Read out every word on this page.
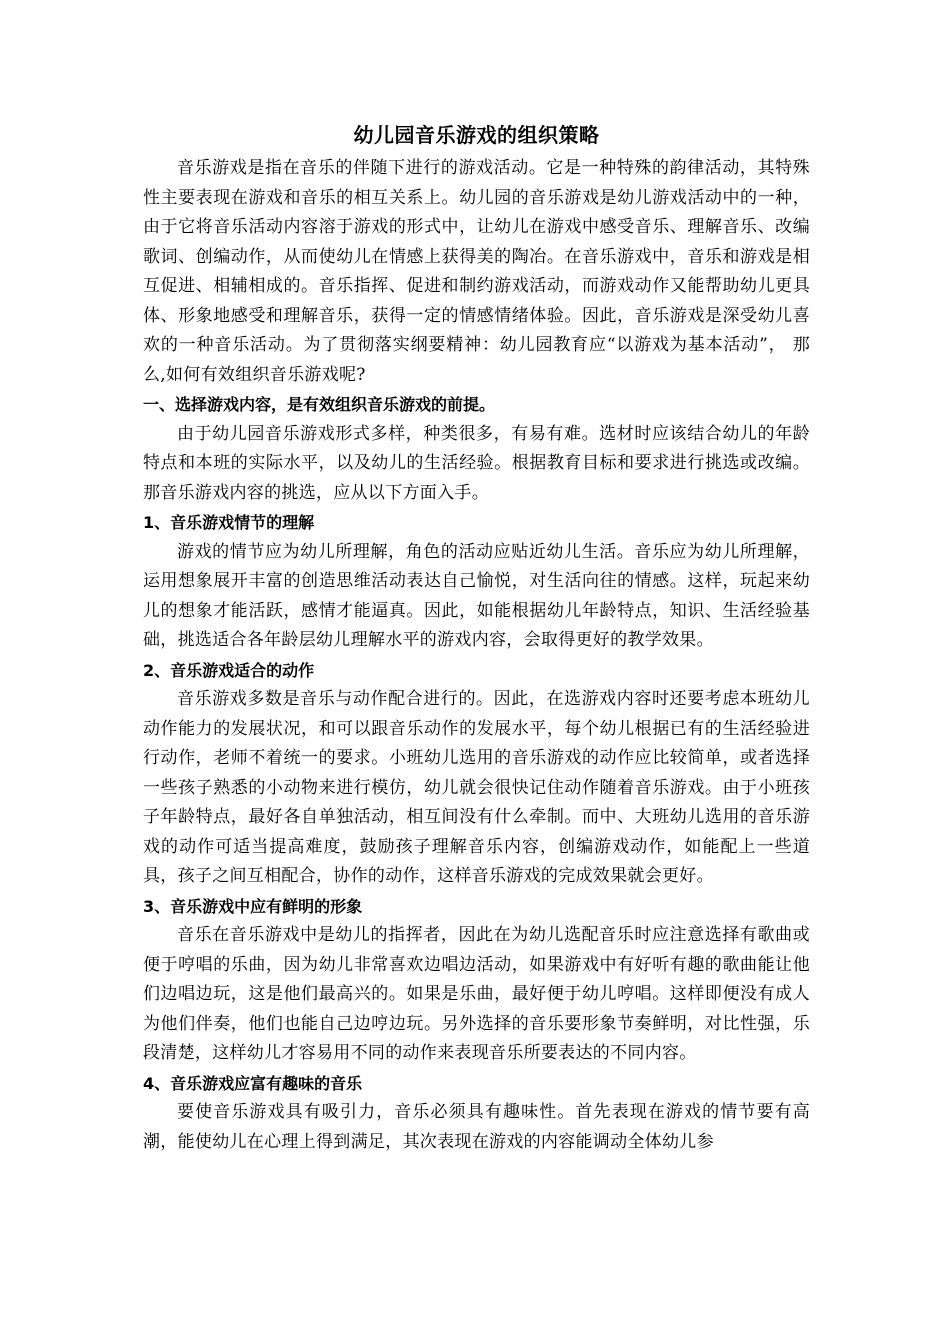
幼儿园音乐游戏的组织策略

音乐游戏是指在音乐的伴随下进行的游戏活动。它是一种特殊的韵律活动，其特殊性主要表现在游戏和音乐的相互关系上。幼儿园的音乐游戏是幼儿游戏活动中的一种，由于它将音乐活动内容溶于游戏的形式中，让幼儿在游戏中感受音乐、理解音乐、改编歌词、创编动作，从而使幼儿在情感上获得美的陶冶。在音乐游戏中，音乐和游戏是相互促进、相辅相成的。音乐指挥、促进和制约游戏活动，而游戏动作又能帮助幼儿更具体、形象地感受和理解音乐，获得一定的情感情绪体验。因此，音乐游戏是深受幼儿喜欢的一种音乐活动。为了贯彻落实纲要精神：幼儿园教育应“以游戏为基本活动”， 那么,如何有效组织音乐游戏呢?

一、选择游戏内容，是有效组织音乐游戏的前提。

由于幼儿园音乐游戏形式多样，种类很多，有易有难。选材时应该结合幼儿的年龄特点和本班的实际水平，以及幼儿的生活经验。根据教育目标和要求进行挑选或改编。那音乐游戏内容的挑选，应从以下方面入手。

1、音乐游戏情节的理解

游戏的情节应为幼儿所理解，角色的活动应贴近幼儿生活。音乐应为幼儿所理解，运用想象展开丰富的创造思维活动表达自己愉悦，对生活向往的情感。这样，玩起来幼儿的想象才能活跃，感情才能逼真。因此，如能根据幼儿年龄特点，知识、生活经验基础，挑选适合各年龄层幼儿理解水平的游戏内容，会取得更好的教学效果。

2、音乐游戏适合的动作

音乐游戏多数是音乐与动作配合进行的。因此，在选游戏内容时还要考虑本班幼儿动作能力的发展状况，和可以跟音乐动作的发展水平，每个幼儿根据已有的生活经验进行动作，老师不着统一的要求。小班幼儿选用的音乐游戏的动作应比较简单，或者选择一些孩子熟悉的小动物来进行模仿，幼儿就会很快记住动作随着音乐游戏。由于小班孩子年龄特点，最好各自单独活动，相互间没有什么牵制。而中、大班幼儿选用的音乐游戏的动作可适当提高难度，鼓励孩子理解音乐内容，创编游戏动作，如能配上一些道具，孩子之间互相配合，协作的动作，这样音乐游戏的完成效果就会更好。

3、音乐游戏中应有鲜明的形象

音乐在音乐游戏中是幼儿的指挥者，因此在为幼儿选配音乐时应注意选择有歌曲或便于哼唱的乐曲，因为幼儿非常喜欢边唱边活动，如果游戏中有好听有趣的歌曲能让他们边唱边玩，这是他们最高兴的。如果是乐曲，最好便于幼儿哼唱。这样即便没有成人为他们伴奏，他们也能自己边哼边玩。另外选择的音乐要形象节奏鲜明，对比性强，乐段清楚，这样幼儿才容易用不同的动作来表现音乐所要表达的不同内容。

4、音乐游戏应富有趣味的音乐

要使音乐游戏具有吸引力，音乐必须具有趣味性。首先表现在游戏的情节要有高潮，能使幼儿在心理上得到满足，其次表现在游戏的内容能调动全体幼儿参
